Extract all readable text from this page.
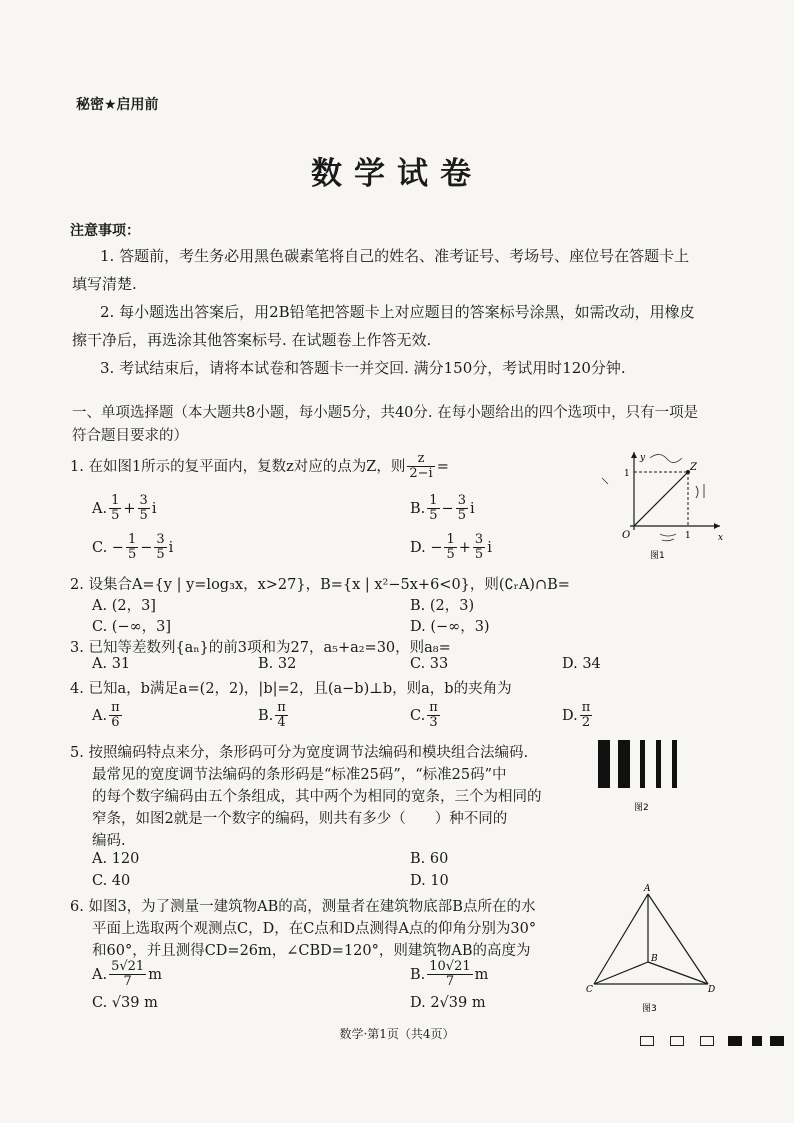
秘密★启用前
数学试卷
注意事项：
1. 答题前，考生务必用黑色碳素笔将自己的姓名、准考证号、考场号、座位号在答题卡上
填写清楚.
2. 每小题选出答案后，用2B铅笔把答题卡上对应题目的答案标号涂黑，如需改动，用橡皮
擦干净后，再选涂其他答案标号. 在试题卷上作答无效.
3. 考试结束后，请将本试卷和答题卡一并交回. 满分150分，考试用时120分钟.
一、单项选择题（本大题共8小题，每小题5分，共40分. 在每小题给出的四个选项中，只有一项是
符合题目要求的）
1. 在如图1所示的复平面内，复数z对应的点为Z，则 $\frac{z}{2-i}$ =
A. $\frac{1}{5} + \frac{3}{5}$ i	B. $\frac{1}{5} - \frac{3}{5}$ i
C. − $\frac{1}{5} - \frac{3}{5}$ i	D. − $\frac{1}{5} + \frac{3}{5}$ i
y
x
O
Z
1
1
图1
2. 设集合A={y | y=log₃x，x>27}，B={x | x²−5x+6<0}，则(∁ᵣA)∩B=
A. (2，3]	B. (2，3)
C. (−∞，3]	D. (−∞，3)
3. 已知等差数列{aₙ}的前3项和为27，a₅+a₂=30，则a₈=
A. 31	B. 32	C. 33	D. 34
4. 已知a，b满足a=(2，2)，|b|=2，且(a−b)⊥b，则a，b的夹角为
A. $\frac{\pi}{6}$	B. $\frac{\pi}{4}$	C. $\frac{\pi}{3}$	D. $\frac{\pi}{2}$
5. 按照编码特点来分，条形码可分为宽度调节法编码和模块组合法编码.
最常见的宽度调节法编码的条形码是“标准25码”，“标准25码”中
的每个数字编码由五个条组成，其中两个为相同的宽条，三个为相同的
窄条，如图2就是一个数字的编码，则共有多少（　　）种不同的
编码.
A. 120	B. 60
C. 40	D. 10
图2
6. 如图3，为了测量一建筑物AB的高，测量者在建筑物底部B点所在的水
平面上选取两个观测点C，D，在C点和D点测得A点的仰角分别为30°
和60°，并且测得CD=26m，∠CBD=120°，则建筑物AB的高度为
A. $\frac{5√21}{7}$ m	B. $\frac{10√21}{7}$ m
C. √39 m	D. 2√39 m
A
B
C	D
图3
数学·第1页（共4页）
